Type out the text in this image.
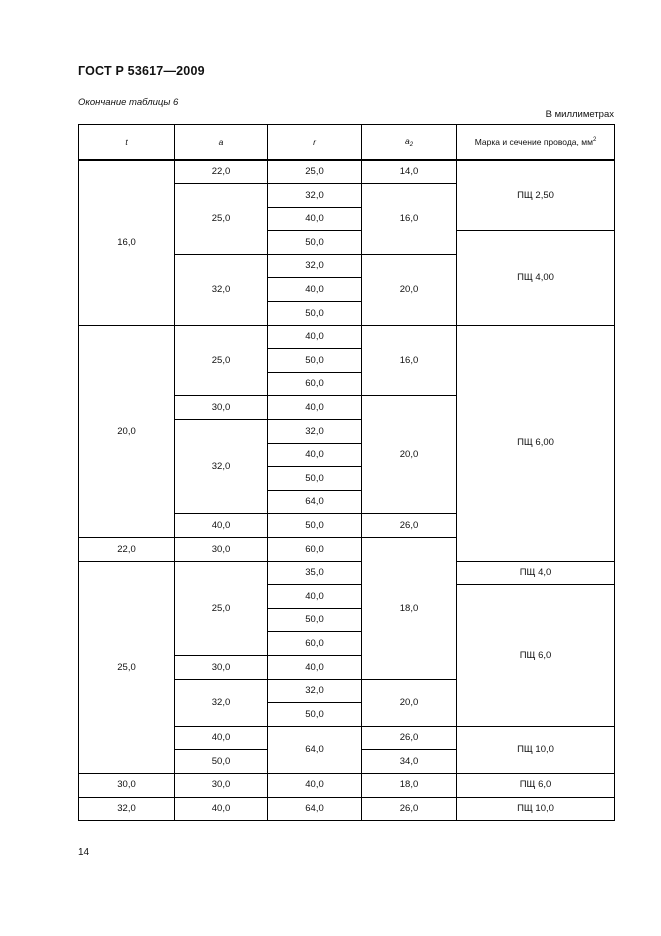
ГОСТ Р 53617—2009
Окончание таблицы 6
В миллиметрах
t	a	r	$a_2$	Марка и сечение провода, $мм^2$
16,0	22,0	25,0	14,0	ПЩ 2,50
	25,0	32,0	16,0	
		40,0		
		50,0		ПЩ 4,00
	32,0	32,0	20,0	
		40,0		
		50,0		
20,0	25,0	40,0	16,0	ПЩ 6,00
		50,0		
		60,0		
	30,0	40,0	20,0	
	32,0	32,0		
		40,0		
		50,0		
		64,0		
	40,0	50,0	26,0	
22,0	30,0	60,0	18,0	
25,0	25,0	35,0		ПЩ 4,0
		40,0		ПЩ 6,0
		50,0		
		60,0		
	30,0	40,0		
	32,0	32,0	20,0	
		50,0		
	40,0	64,0	26,0	ПЩ 10,0
	50,0		34,0	
30,0	30,0	40,0	18,0	ПЩ 6,0
32,0	40,0	64,0	26,0	ПЩ 10,0
14
